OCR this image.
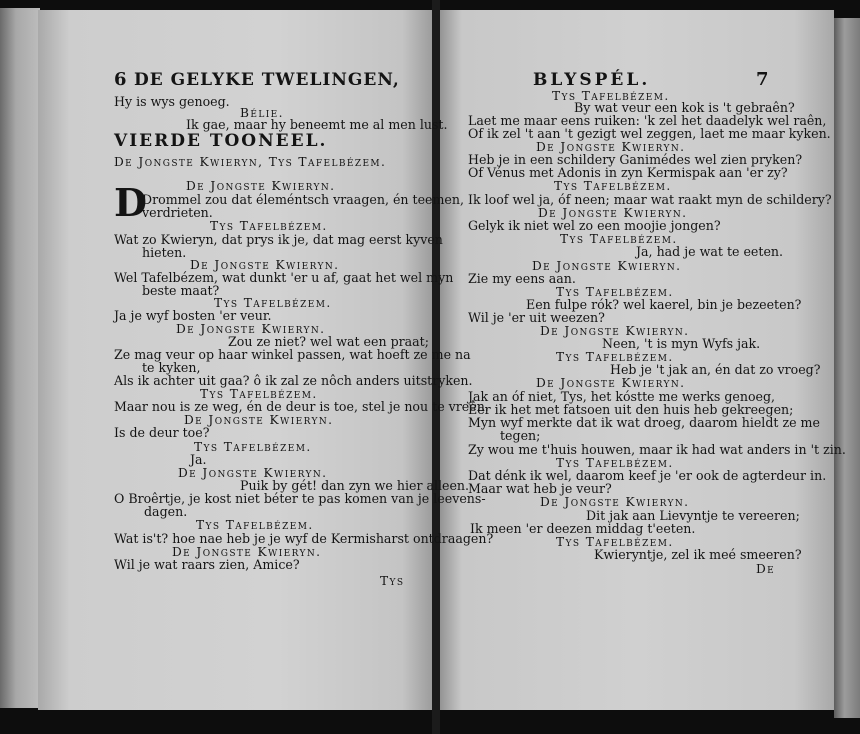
6 DE GELYKE TWELINGEN,
VIERDE TOONEEL.
D
Hy is wys genoeg.
Bélie.
Ik gae, maar hy beneemt me al men lust.
De Jongste Kwieryn, Tys Tafelbézem.
De Jongste Kwieryn.
Drommel zou dat éleméntsch vraagen, én teemen,
verdrieten.
Tys Tafelbézem.
Wat zo Kwieryn, dat prys ik je, dat mag eerst kyven
hieten.
De Jongste Kwieryn.
Wel Tafelbézem, wat dunkt 'er u af, gaat het wel myn
beste maat?
Tys Tafelbézem.
Ja je wyf bosten 'er veur.
De Jongste Kwieryn.
Zou ze niet? wel wat een praat;
Ze mag veur op haar winkel passen, wat hoeft ze me na
te kyken,
Als ik achter uit gaa? ô ik zal ze nôch anders uitstryken.
Tys Tafelbézem.
Maar nou is ze weg, én de deur is toe, stel je nou te vreên.
De Jongste Kwieryn.
Is de deur toe?
Tys Tafelbézem.
Ja.
De Jongste Kwieryn.
Puik by gét! dan zyn we hier alleen.
O Broêrtje, je kost niet béter te pas komen van je leevens-
dagen.
Tys Tafelbézem.
Wat is't? hoe nae heb je je wyf de Kermisharst ontdraagen?
De Jongste Kwieryn.
Wil je wat raars zien, Amice?
Tys
BLYSPÉL.	7
Tys Tafelbézem.
By wat veur een kok is 't gebraên?
Laet me maar eens ruiken: 'k zel het daadelyk wel raên,
Of ik zel 't aan 't gezigt wel zeggen, laet me maar kyken.
De Jongste Kwieryn.
Heb je in een schildery Ganimédes wel zien pryken?
Of Vénus met Adonis in zyn Kermispak aan 'er zy?
Tys Tafelbézem.
Ik loof wel ja, óf neen; maar wat raakt myn de schildery?
De Jongste Kwieryn.
Gelyk ik niet wel zo een moojie jongen?
Tys Tafelbézem.
Ja, had je wat te eeten.
De Jongste Kwieryn.
Zie my eens aan.
Tys Tafelbézem.
Een fulpe rók? wel kaerel, bin je bezeeten?
Wil je 'er uit weezen?
De Jongste Kwieryn.
Neen, 't is myn Wyfs jak.
Tys Tafelbézem.
Heb je 't jak an, én dat zo vroeg?
De Jongste Kwieryn.
Jak an óf niet, Tys, het kóstte me werks genoeg,
Éer ik het met fatsoen uit den huis heb gekreegen;
Myn wyf merkte dat ik wat droeg, daarom hieldt ze me
tegen;
Zy wou me t'huis houwen, maar ik had wat anders in 't zin.
Tys Tafelbézem.
Dat dénk ik wel, daarom keef je 'er ook de agterdeur in.
Maar wat heb je veur?
De Jongste Kwieryn.
Dit jak aan Lievyntje te vereeren;
Ik meen 'er deezen middag t'eeten.
Tys Tafelbézem.
Kwieryntje, zel ik meé smeeren?
De
